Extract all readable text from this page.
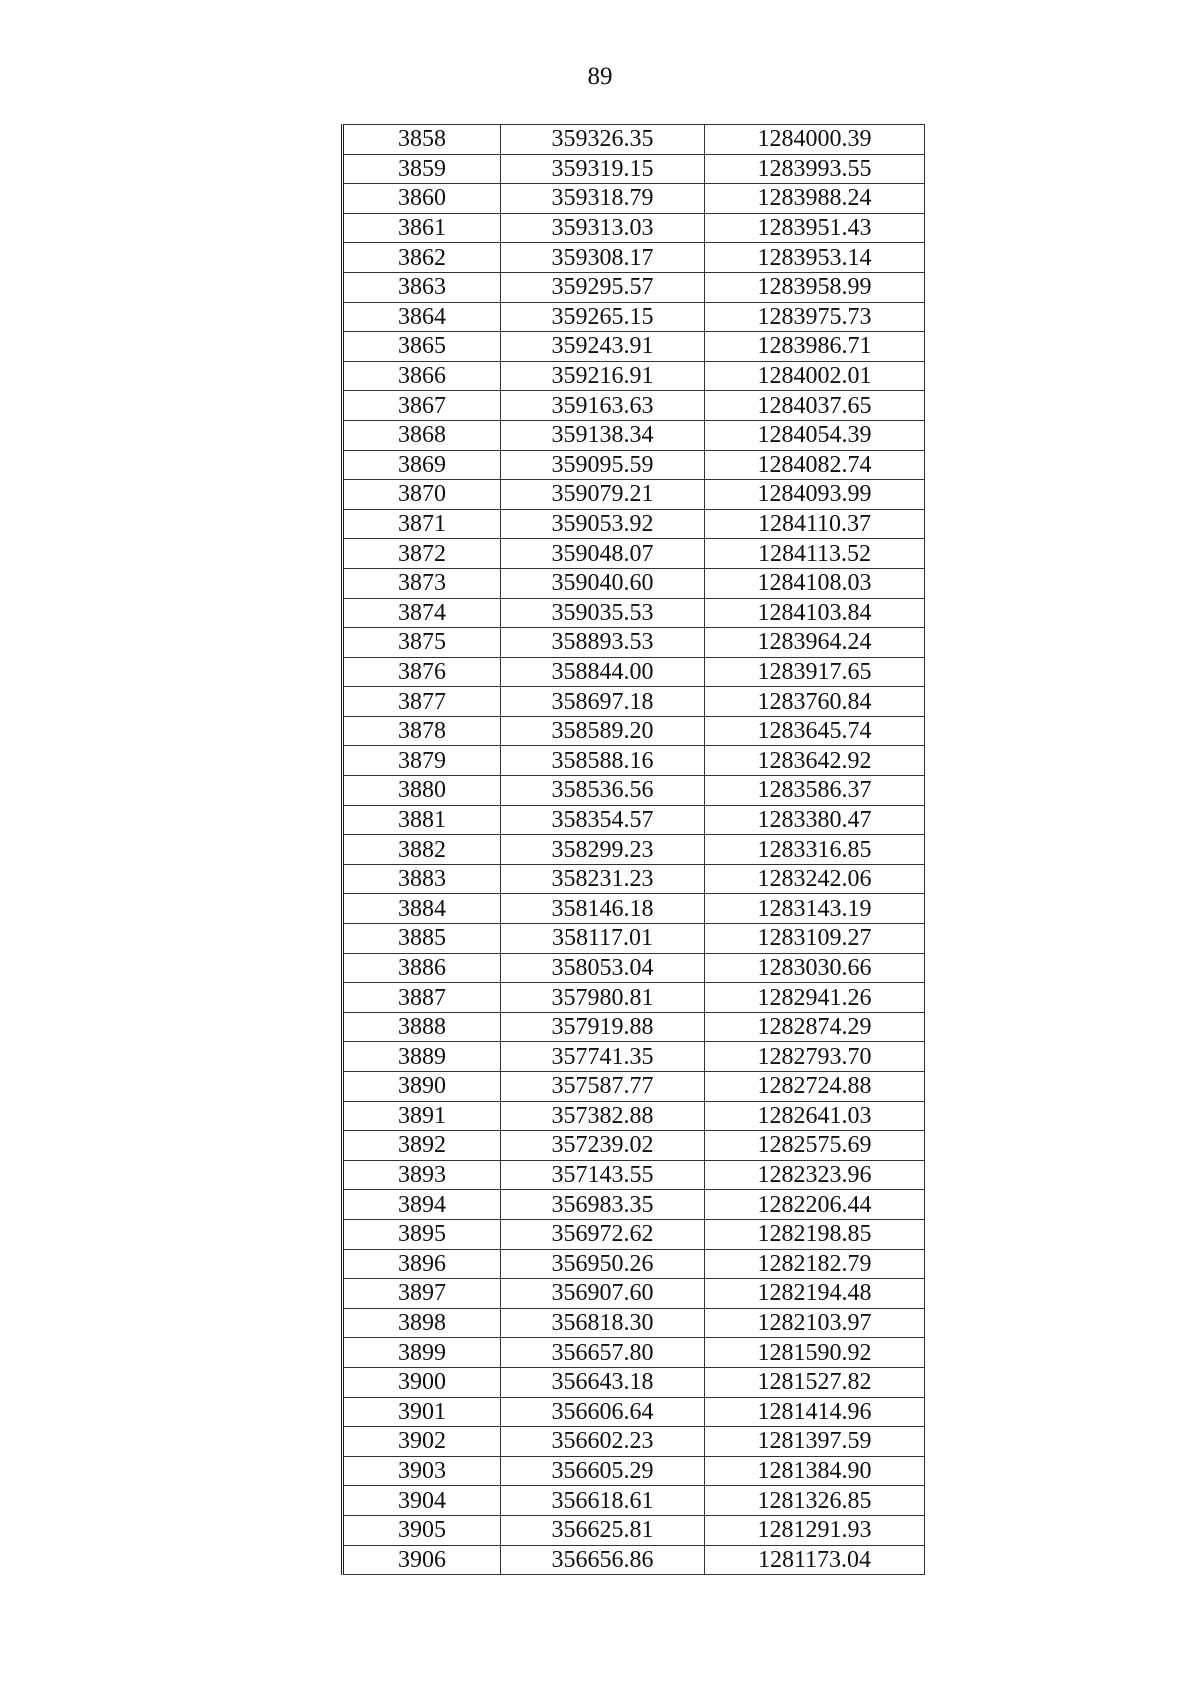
89
3858	359326.35	1284000.39
3859	359319.15	1283993.55
3860	359318.79	1283988.24
3861	359313.03	1283951.43
3862	359308.17	1283953.14
3863	359295.57	1283958.99
3864	359265.15	1283975.73
3865	359243.91	1283986.71
3866	359216.91	1284002.01
3867	359163.63	1284037.65
3868	359138.34	1284054.39
3869	359095.59	1284082.74
3870	359079.21	1284093.99
3871	359053.92	1284110.37
3872	359048.07	1284113.52
3873	359040.60	1284108.03
3874	359035.53	1284103.84
3875	358893.53	1283964.24
3876	358844.00	1283917.65
3877	358697.18	1283760.84
3878	358589.20	1283645.74
3879	358588.16	1283642.92
3880	358536.56	1283586.37
3881	358354.57	1283380.47
3882	358299.23	1283316.85
3883	358231.23	1283242.06
3884	358146.18	1283143.19
3885	358117.01	1283109.27
3886	358053.04	1283030.66
3887	357980.81	1282941.26
3888	357919.88	1282874.29
3889	357741.35	1282793.70
3890	357587.77	1282724.88
3891	357382.88	1282641.03
3892	357239.02	1282575.69
3893	357143.55	1282323.96
3894	356983.35	1282206.44
3895	356972.62	1282198.85
3896	356950.26	1282182.79
3897	356907.60	1282194.48
3898	356818.30	1282103.97
3899	356657.80	1281590.92
3900	356643.18	1281527.82
3901	356606.64	1281414.96
3902	356602.23	1281397.59
3903	356605.29	1281384.90
3904	356618.61	1281326.85
3905	356625.81	1281291.93
3906	356656.86	1281173.04
